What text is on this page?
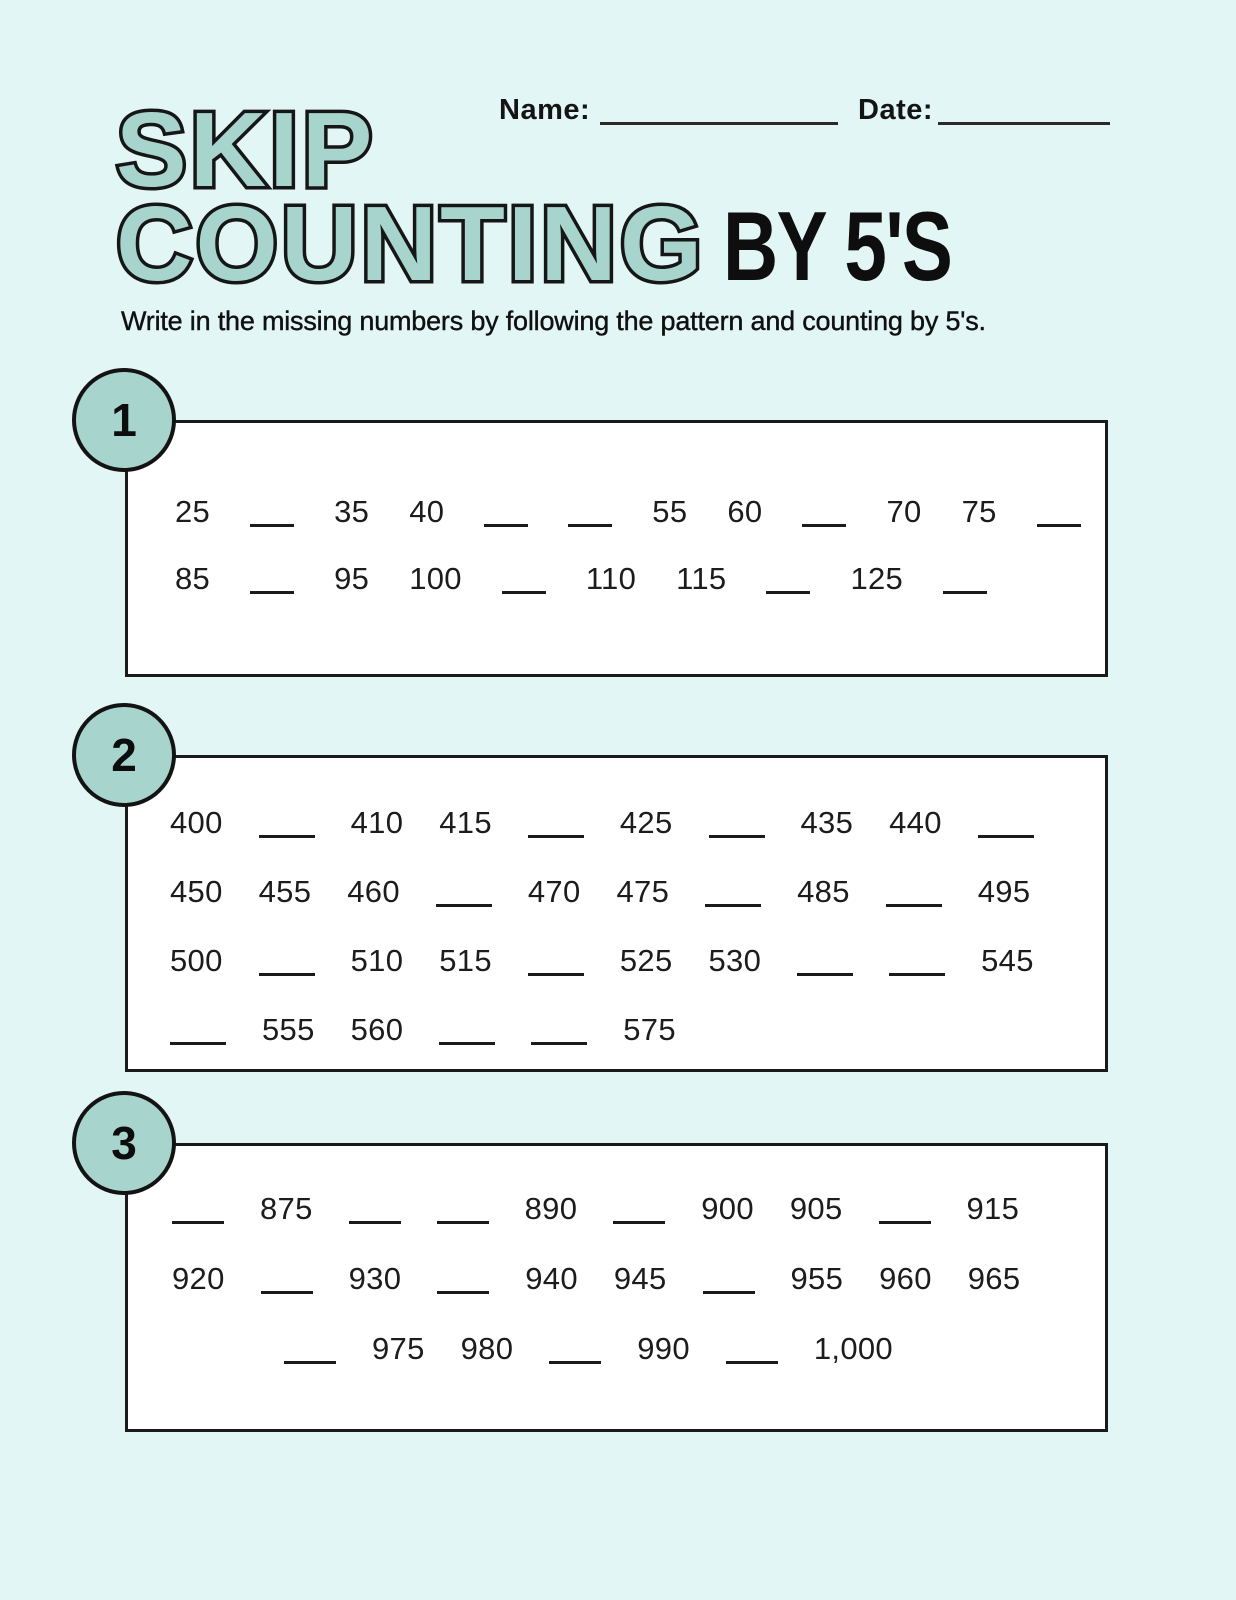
Name:	Date:
SKIP
COUNTING BY 5'S
Write in the missing numbers by following the pattern and counting by 5's.
1
25	35 40	55 60	70 75
85	95 100	110 115	125
2
400	410 415	425	435 440
450 455 460	470 475	485	495
500	510 515	525 530	545
555 560	575
3
875	890	900 905	915
920	930	940 945	955 960 965
975 980	990	1,000
